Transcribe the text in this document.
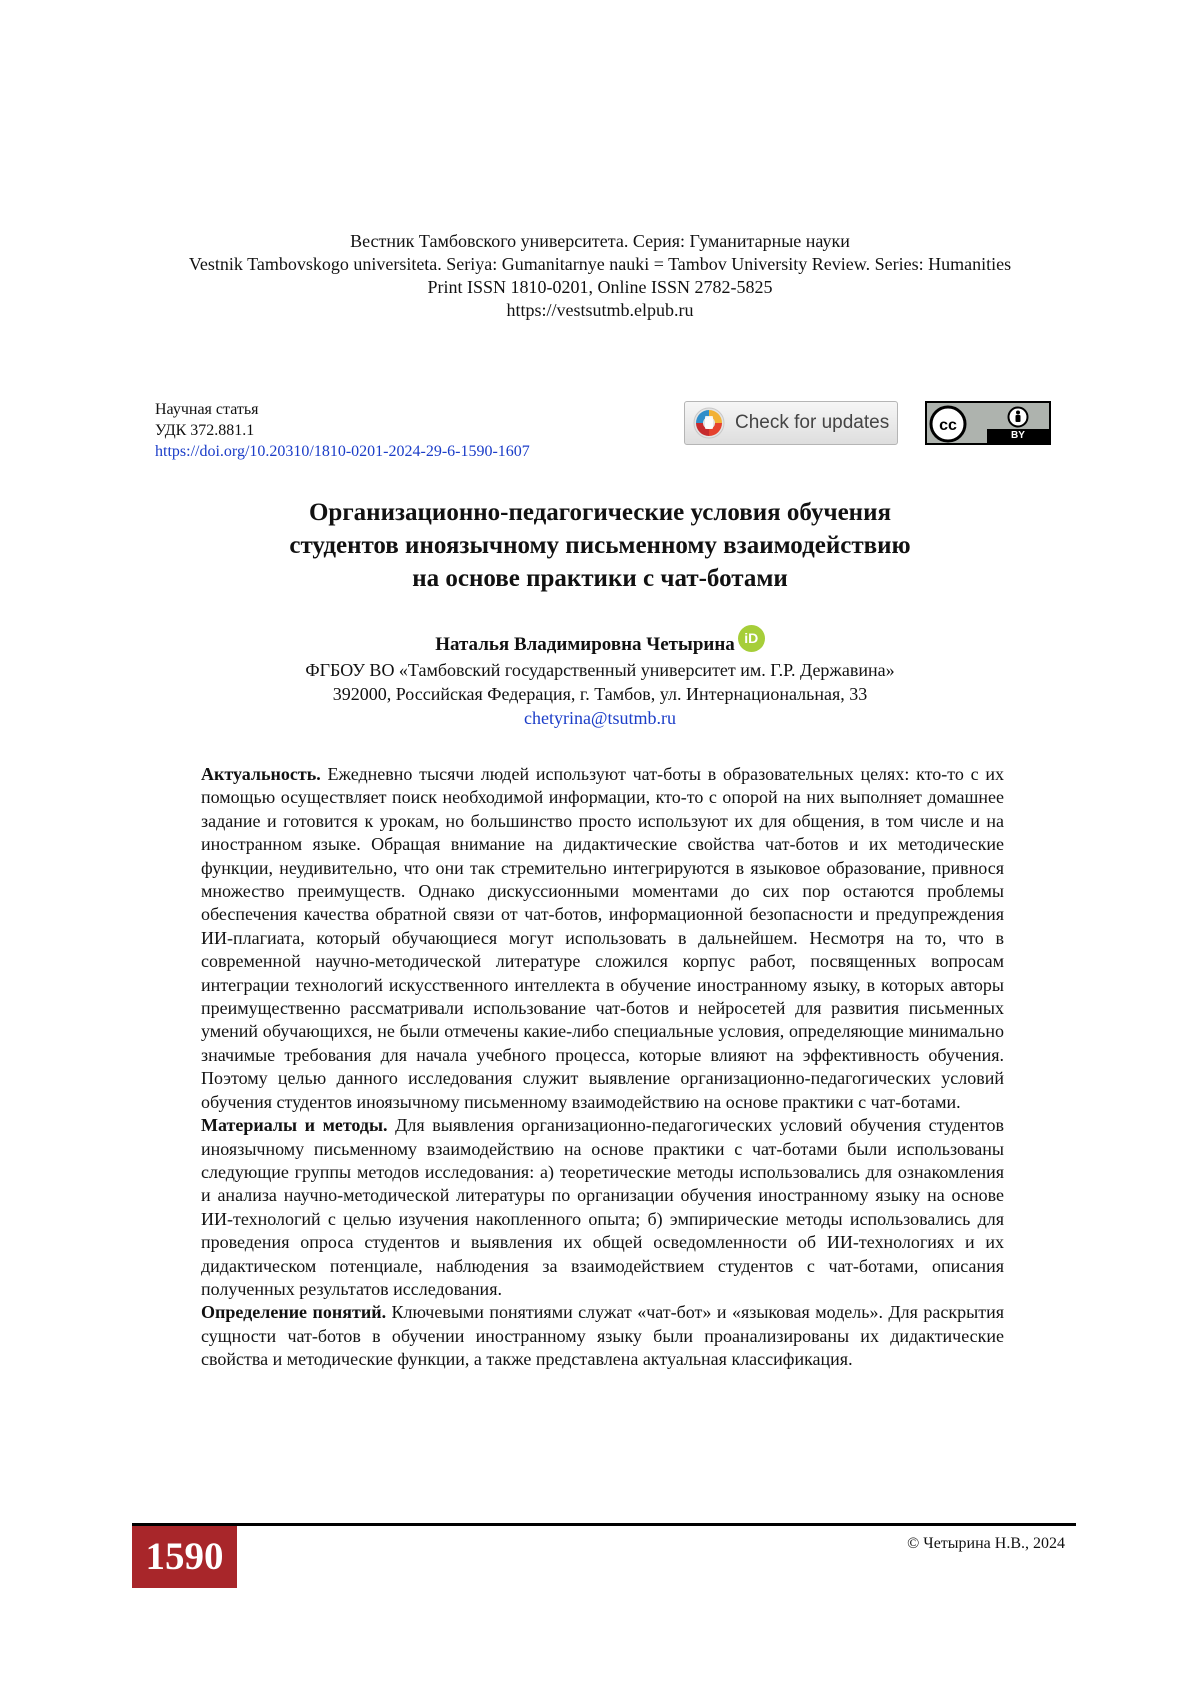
Вестник Тамбовского университета. Серия: Гуманитарные науки
Vestnik Tambovskogo universiteta. Seriya: Gumanitarnye nauki = Tambov University Review. Series: Humanities
Print ISSN 1810-0201, Online ISSN 2782-5825
https://vestsutmb.elpub.ru
Научная статья
УДК 372.881.1
https://doi.org/10.20310/1810-0201-2024-29-6-1590-1607
Check for updates	cc
BY
Организационно-педагогические условия обучения
студентов иноязычному письменному взаимодействию
на основе практики с чат-ботами
Наталья Владимировна Четырина iD
ФГБОУ ВО «Тамбовский государственный университет им. Г.Р. Державина»
392000, Российская Федерация, г. Тамбов, ул. Интернациональная, 33
chetyrina@tsutmb.ru

Актуальность. Ежедневно тысячи людей используют чат-боты в образовательных целях: кто-то с их помощью осуществляет поиск необходимой информации, кто-то с опорой на них выполняет домашнее задание и готовится к урокам, но большинство просто используют их для общения, в том числе и на иностранном языке. Обращая внимание на дидактические свойства чат-ботов и их методические функции, неудивительно, что они так стремительно интегрируются в языковое образование, привнося множество преимуществ. Однако дискуссионными моментами до сих пор остаются проблемы обеспечения качества обратной связи от чат-ботов, информационной безопасности и предупреждения ИИ-плагиата, который обучающиеся могут использовать в дальнейшем. Несмотря на то, что в современной научно-методической литературе сложился корпус работ, посвященных вопросам интеграции технологий искусственного интеллекта в обучение иностранному языку, в которых авторы преимущественно рассматривали использование чат-ботов и нейросетей для развития письменных умений обучающихся, не были отмечены какие-либо специальные условия, определяющие минимально значимые требования для начала учебного процесса, которые влияют на эффективность обучения. Поэтому целью данного исследования служит выявление организационно-педагогических условий обучения студентов иноязычному письменному взаимодействию на основе практики с чат-ботами.

Материалы и методы. Для выявления организационно-педагогических условий обучения студентов иноязычному письменному взаимодействию на основе практики с чат-ботами были использованы следующие группы методов исследования: а) теоретические методы использовались для ознакомления и анализа научно-методической литературы по организации обучения иностранному языку на основе ИИ-технологий с целью изучения накопленного опыта; б) эмпирические методы использовались для проведения опроса студентов и выявления их общей осведомленности об ИИ-технологиях и их дидактическом потенциале, наблюдения за взаимодействием студентов с чат-ботами, описания полученных результатов исследования.

Определение понятий. Ключевыми понятиями служат «чат-бот» и «языковая модель». Для раскрытия сущности чат-ботов в обучении иностранному языку были проанализированы их дидактические свойства и методические функции, а также представлена актуальная классификация.

1590	© Четырина Н.В., 2024
